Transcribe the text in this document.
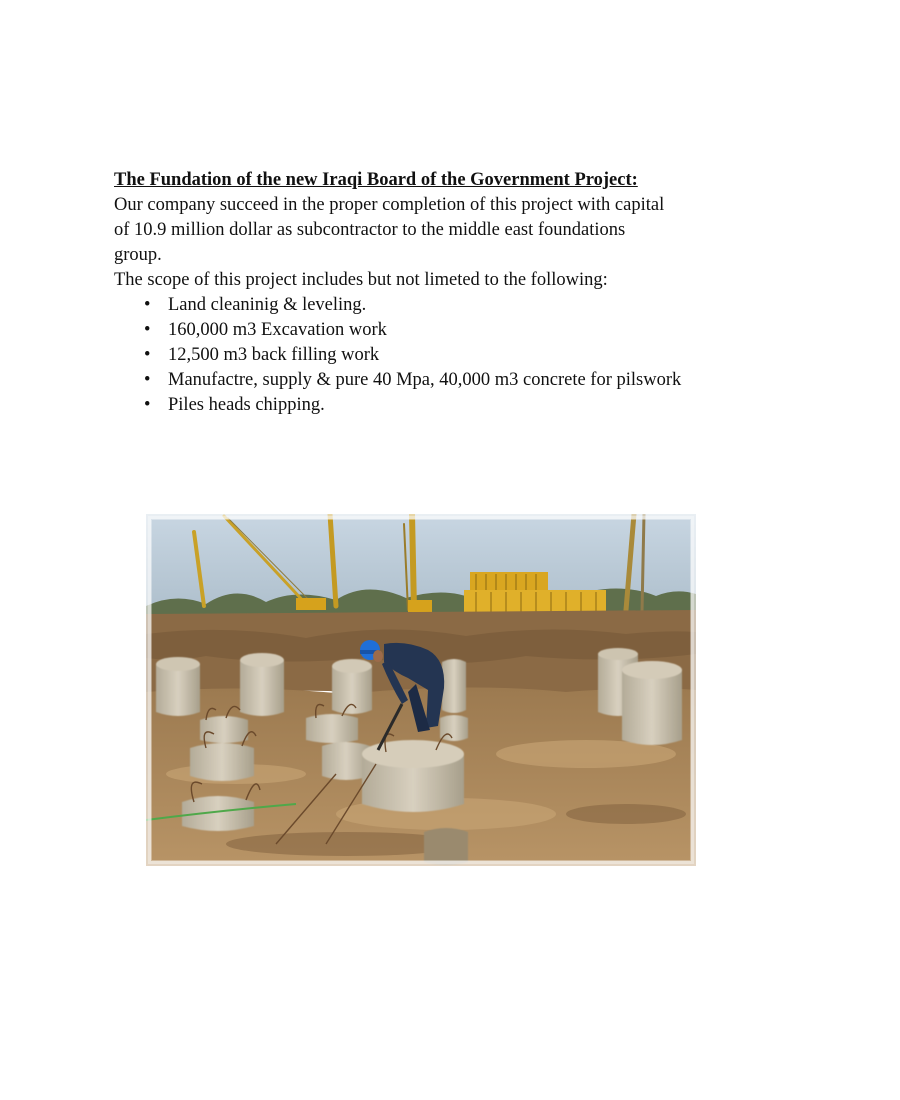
The Fundation of the new Iraqi Board of the Government Project:

Our company succeed in the proper completion of this project with capital
of 10.9 million dollar as subcontractor to the middle east foundations
group.

The scope of this project includes but not limeted to the following:

• Land cleaninig & leveling.
• 160,000 m3 Excavation work
• 12,500 m3 back filling work
• Manufactre, supply & pure 40 Mpa, 40,000 m3 concrete for pilswork
• Piles heads chipping.
